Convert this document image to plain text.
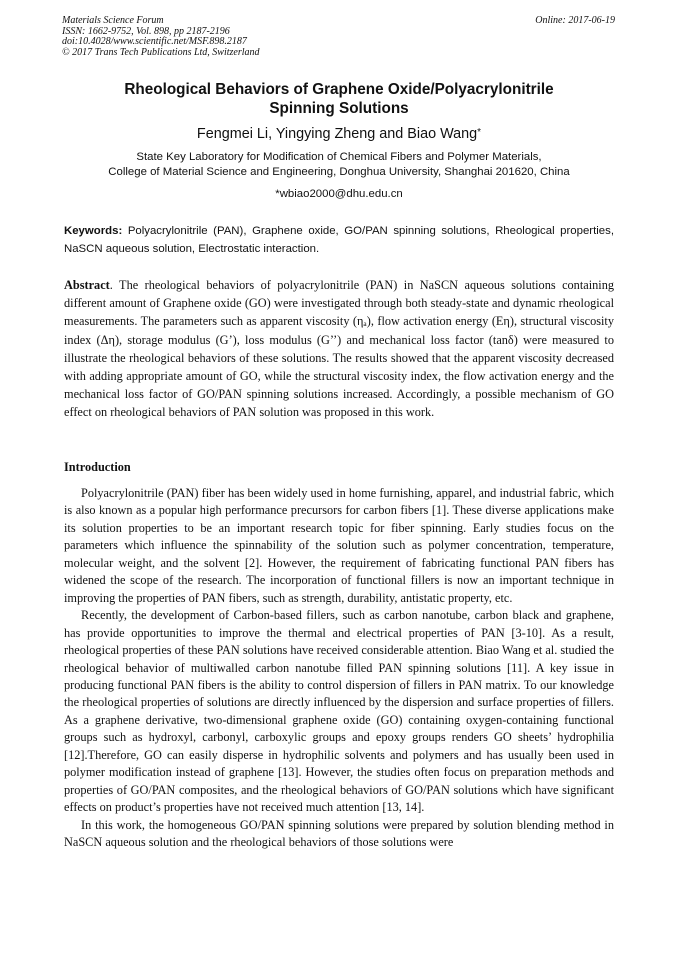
Materials Science Forum
ISSN: 1662-9752, Vol. 898, pp 2187-2196
doi:10.4028/www.scientific.net/MSF.898.2187
© 2017 Trans Tech Publications Ltd, Switzerland
Online: 2017-06-19
Rheological Behaviors of Graphene Oxide/Polyacrylonitrile
Spinning Solutions
Fengmei Li, Yingying Zheng and Biao Wang*
State Key Laboratory for Modification of Chemical Fibers and Polymer Materials,
College of Material Science and Engineering, Donghua University, Shanghai 201620, China
*wbiao2000@dhu.edu.cn
Keywords: Polyacrylonitrile (PAN), Graphene oxide, GO/PAN spinning solutions, Rheological properties, NaSCN aqueous solution, Electrostatic interaction.
Abstract. The rheological behaviors of polyacrylonitrile (PAN) in NaSCN aqueous solutions containing different amount of Graphene oxide (GO) were investigated through both steady-state and dynamic rheological measurements. The parameters such as apparent viscosity (ηₐ), flow activation energy (Eη), structural viscosity index (Δη), storage modulus (G’), loss modulus (G’’) and mechanical loss factor (tanδ) were measured to illustrate the rheological behaviors of these solutions. The results showed that the apparent viscosity decreased with adding appropriate amount of GO, while the structural viscosity index, the flow activation energy and the mechanical loss factor of GO/PAN spinning solutions increased. Accordingly, a possible mechanism of GO effect on rheological behaviors of PAN solution was proposed in this work.
Introduction

Polyacrylonitrile (PAN) fiber has been widely used in home furnishing, apparel, and industrial fabric, which is also known as a popular high performance precursors for carbon fibers [1]. These diverse applications make its solution properties to be an important research topic for fiber spinning. Early studies focus on the parameters which influence the spinnability of the solution such as polymer concentration, temperature, molecular weight, and the solvent [2]. However, the requirement of fabricating functional PAN fibers has widened the scope of the research. The incorporation of functional fillers is now an important technique in improving the properties of PAN fibers, such as strength, durability, antistatic property, etc.

Recently, the development of Carbon-based fillers, such as carbon nanotube, carbon black and graphene, has provide opportunities to improve the thermal and electrical properties of PAN [3-10]. As a result, rheological properties of these PAN solutions have received considerable attention. Biao Wang et al. studied the rheological behavior of multiwalled carbon nanotube filled PAN spinning solutions [11]. A key issue in producing functional PAN fibers is the ability to control dispersion of fillers in PAN matrix. To our knowledge the rheological properties of solutions are directly influenced by the dispersion and surface properties of fillers. As a graphene derivative, two-dimensional graphene oxide (GO) containing oxygen-containing functional groups such as hydroxyl, carbonyl, carboxylic groups and epoxy groups renders GO sheets’ hydrophilia [12].Therefore, GO can easily disperse in hydrophilic solvents and polymers and has usually been used in polymer modification instead of graphene [13]. However, the studies often focus on preparation methods and properties of GO/PAN composites, and the rheological behaviors of GO/PAN solutions which have significant effects on product’s properties have not received much attention [13, 14].

In this work, the homogeneous GO/PAN spinning solutions were prepared by solution blending method in NaSCN aqueous solution and the rheological behaviors of those solutions were
